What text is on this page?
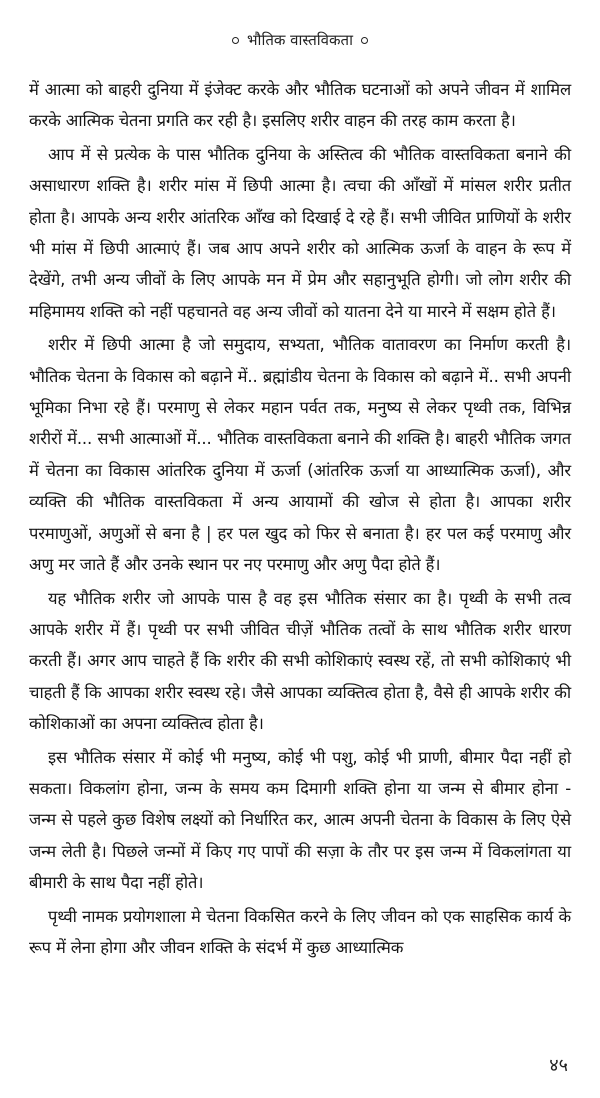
भौतिक वास्तविकता

में आत्मा को बाहरी दुनिया में इंजेक्ट करके और भौतिक घटनाओं को अपने जीवन में शामिल करके आत्मिक चेतना प्रगति कर रही है। इसलिए शरीर वाहन की तरह काम करता है।

आप में से प्रत्येक के पास भौतिक दुनिया के अस्तित्व की भौतिक वास्तविकता बनाने की असाधारण शक्ति है। शरीर मांस में छिपी आत्मा है। त्वचा की आँखों में मांसल शरीर प्रतीत होता है। आपके अन्य शरीर आंतरिक आँख को दिखाई दे रहे हैं। सभी जीवित प्राणियों के शरीर भी मांस में छिपी आत्माएं हैं। जब आप अपने शरीर को आत्मिक ऊर्जा के वाहन के रूप में देखेंगे, तभी अन्य जीवों के लिए आपके मन में प्रेम और सहानुभूति होगी। जो लोग शरीर की महिमामय शक्ति को नहीं पहचानते वह अन्य जीवों को यातना देने या मारने में सक्षम होते हैं।

शरीर में छिपी आत्मा है जो समुदाय, सभ्यता, भौतिक वातावरण का निर्माण करती है। भौतिक चेतना के विकास को बढ़ाने में.. ब्रह्मांडीय चेतना के विकास को बढ़ाने में.. सभी अपनी भूमिका निभा रहे हैं। परमाणु से लेकर महान पर्वत तक, मनुष्य से लेकर पृथ्वी तक, विभिन्न शरीरों में... सभी आत्माओं में... भौतिक वास्तविकता बनाने की शक्ति है। बाहरी भौतिक जगत में चेतना का विकास आंतरिक दुनिया में ऊर्जा (आंतरिक ऊर्जा या आध्यात्मिक ऊर्जा), और व्यक्ति की भौतिक वास्तविकता में अन्य आयामों की खोज से होता है। आपका शरीर परमाणुओं, अणुओं से बना है | हर पल खुद को फिर से बनाता है। हर पल कई परमाणु और अणु मर जाते हैं और उनके स्थान पर नए परमाणु और अणु पैदा होते हैं।

यह भौतिक शरीर जो आपके पास है वह इस भौतिक संसार का है। पृथ्वी के सभी तत्व आपके शरीर में हैं। पृथ्वी पर सभी जीवित चीज़ें भौतिक तत्वों के साथ भौतिक शरीर धारण करती हैं। अगर आप चाहते हैं कि शरीर की सभी कोशिकाएं स्वस्थ रहें, तो सभी कोशिकाएं भी चाहती हैं कि आपका शरीर स्वस्थ रहे। जैसे आपका व्यक्तित्व होता है, वैसे ही आपके शरीर की कोशिकाओं का अपना व्यक्तित्व होता है।

इस भौतिक संसार में कोई भी मनुष्य, कोई भी पशु, कोई भी प्राणी, बीमार पैदा नहीं हो सकता। विकलांग होना, जन्म के समय कम दिमागी शक्ति होना या जन्म से बीमार होना - जन्म से पहले कुछ विशेष लक्ष्यों को निर्धारित कर, आत्म अपनी चेतना के विकास के लिए ऐसे जन्म लेती है। पिछले जन्मों में किए गए पापों की सज़ा के तौर पर इस जन्म में विकलांगता या बीमारी के साथ पैदा नहीं होते।

पृथ्वी नामक प्रयोगशाला मे चेतना विकसित करने के लिए जीवन को एक साहसिक कार्य के रूप में लेना होगा और जीवन शक्ति के संदर्भ में कुछ आध्यात्मिक

४५
